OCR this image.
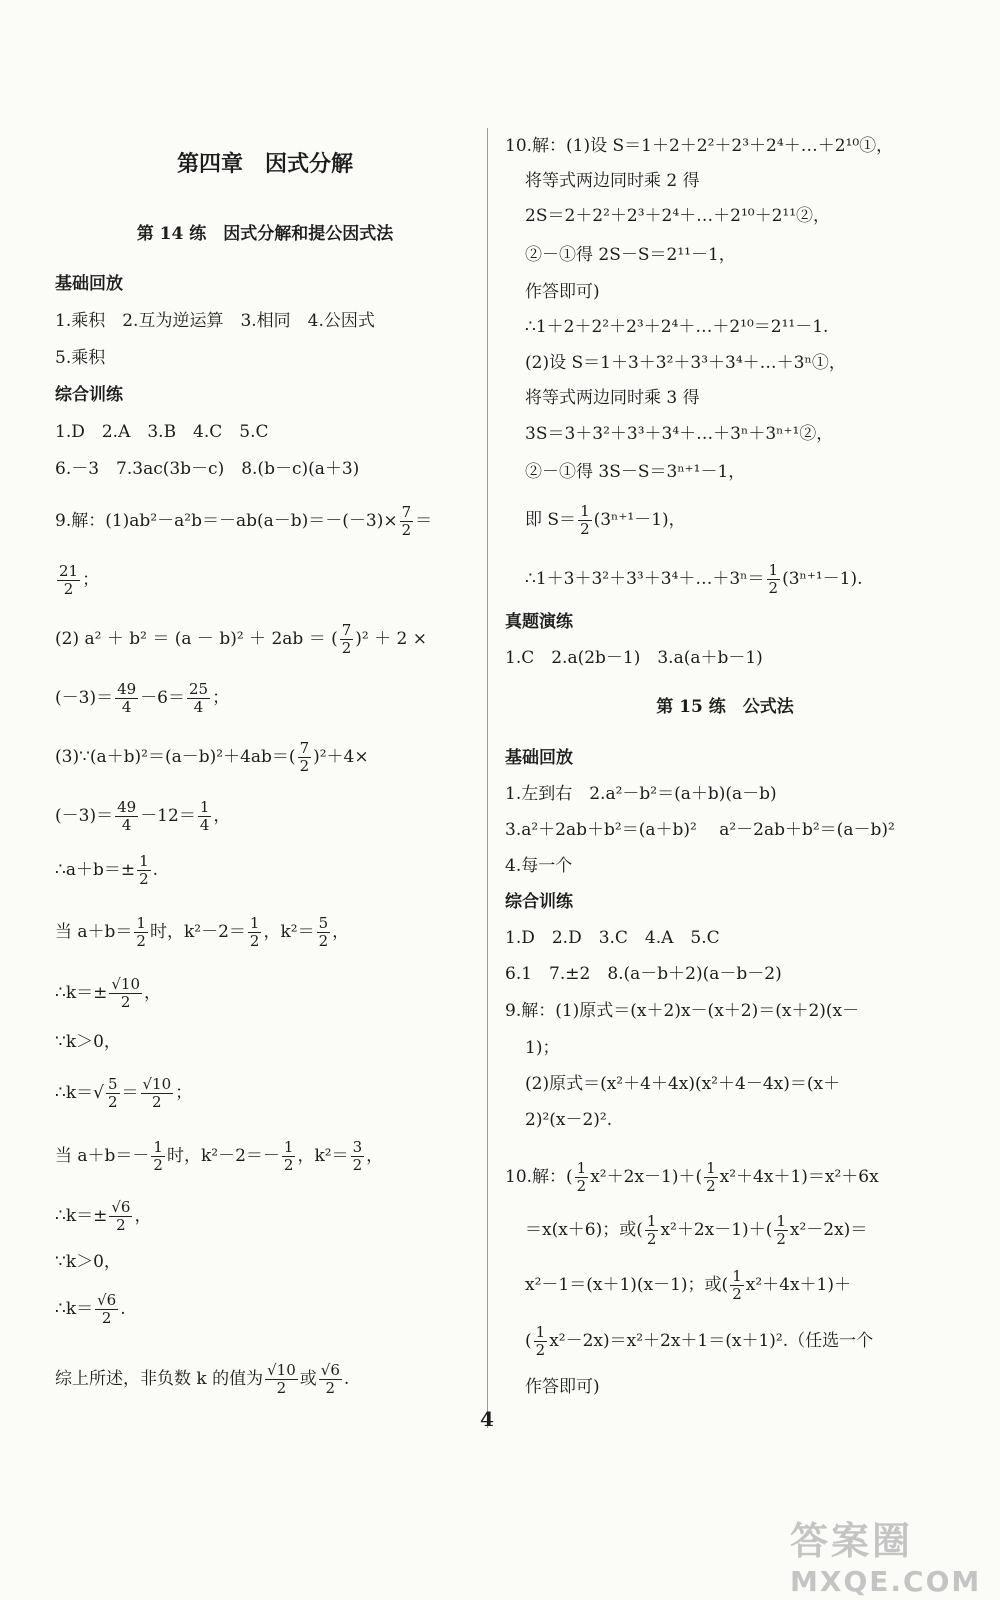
第四章　因式分解
第 14 练　因式分解和提公因式法
基础回放
1.乘积　2.互为逆运算　3.相同　4.公因式
5.乘积
综合训练
1.D　2.A　3.B　4.C　5.C
6.－3　7.3ac(3b－c)　8.(b－c)(a＋3)
9.解：$(1)ab^2-a^2b=-ab(a-b)=-(-3)\times \frac{7}{2}$ ＝
$\frac{21}{2}$ ；
(2) a² ＋ b² ＝ (a － b)² ＋ 2ab ＝ ( $\frac{7}{2} )^2 + 2$ ×
$(-3)= \frac{49}{4} -6= \frac{25}{4}$ ；
(3)∵(a＋b)²＝(a－b)²＋4ab＝( $\frac{7}{2} )^2+4\times$
$(-3)= \frac{49}{4} -12= \frac{1}{4}$ ，
∴a＋b＝± $\frac{1}{2}$ .
当 $a+b= \frac{1}{2}$ 时，$k^2-2= \frac{1}{2}$ ，$k^2= \frac{5}{2}$ ，
∴k＝± $\frac{√10}{2}$ ，
∵k＞0，
∴k＝√ $\frac{5}{2} = \frac{√10}{2}$ ；
当 $a+b=- \frac{1}{2}$ 时，$k^2-2=- \frac{1}{2}$ ，$k^2= \frac{3}{2}$ ，
∴k＝± $\frac{√6}{2}$ ，
∵k＞0，
∴k＝ $\frac{√6}{2}$ .
综上所述，非负数 k 的值为 $\frac{√10}{2}$ 或 $\frac{√6}{2}$ .
10.解：(1)设 S＝1＋2＋2²＋2³＋2⁴＋…＋2¹⁰①，
将等式两边同时乘 2 得
2S＝2＋2²＋2³＋2⁴＋…＋2¹⁰＋2¹¹②，
②－①得 2S－S＝2¹¹－1，
作答即可)
∴1＋2＋2²＋2³＋2⁴＋…＋2¹⁰＝2¹¹－1.
(2)设 S＝1＋3＋3²＋3³＋3⁴＋…＋3ⁿ①，
将等式两边同时乘 3 得
3S＝3＋3²＋3³＋3⁴＋…＋3ⁿ＋3ⁿ⁺¹②，
②－①得 3S－S＝3ⁿ⁺¹－1，
即 $S= \frac{1}{2} (3^{n+1}-1)$，
∴1＋3＋3²＋3³＋3⁴＋…＋3ⁿ＝ $\frac{1}{2} (3^{n+1}-1)$.
真题演练
1.C　2.a(2b－1)　3.a(a＋b－1)
第 15 练　公式法
基础回放
1.左到右　2.a²－b²＝(a＋b)(a－b)
3.a²＋2ab＋b²＝(a＋b)²　 a²－2ab＋b²＝(a－b)²
4.每一个
综合训练
1.D　2.D　3.C　4.A　5.C
6.1　7.±2　8.(a－b＋2)(a－b－2)
9.解：(1)原式＝(x＋2)x－(x＋2)＝(x＋2)(x－
1)；
(2)原式＝(x²＋4＋4x)(x²＋4－4x)＝(x＋
2)²(x－2)².
10.解：( $\frac{1}{2} x^2+2x-1)+( \frac{1}{2} x^2+4x+1)=x^2+6x$
＝x(x＋6)；或( $\frac{1}{2} x^2+2x-1)+( \frac{1}{2} x^2-2x)=$
x²－1＝(x＋1)(x－1)；或( $\frac{1}{2} x^2+4x+1)+$
( $\frac{1}{2} x^2-2x)=x^2+2x+1=(x+1)^2$.（任选一个
作答即可)
4
答案圈
MXQE.COM
